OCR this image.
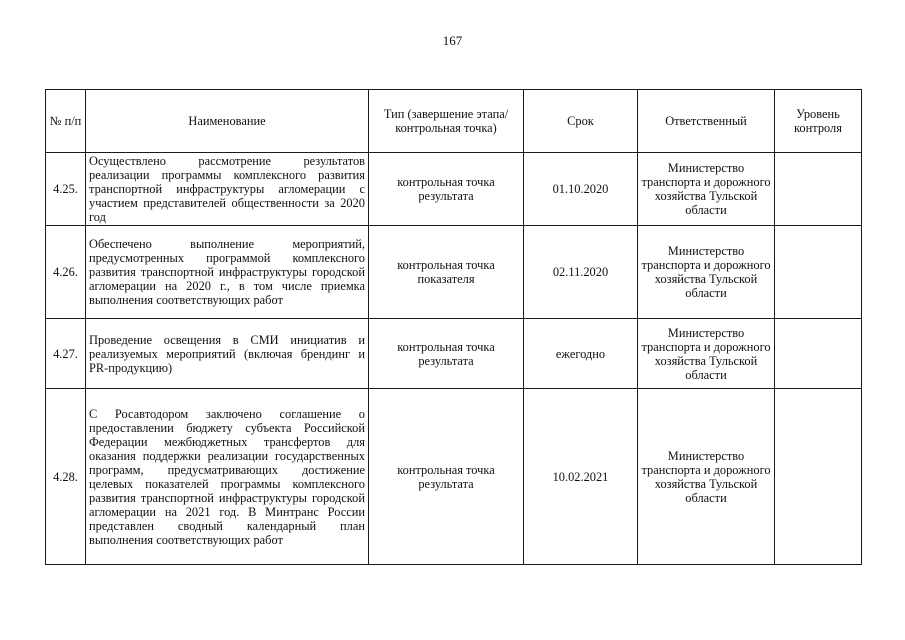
167
№ п/п	Наименование	Тип (завершение этапа/контрольная точка)	Срок	Ответственный	Уровень контроля
4.25.	Осуществлено рассмотрение результатов реализации программы комплексного развития транспортной инфраструктуры агломерации с участием представителей общественности за 2020 год	контрольная точка результата	01.10.2020	Министерство транспорта и дорожного хозяйства Тульской области	
4.26.	Обеспечено выполнение мероприятий, предусмотренных программой комплексного развития транспортной инфраструктуры городской агломерации на 2020 г., в том числе приемка выполнения соответствующих работ	контрольная точка показателя	02.11.2020	Министерство транспорта и дорожного хозяйства Тульской области	
4.27.	Проведение освещения в СМИ инициатив и реализуемых мероприятий (включая брендинг и PR-продукцию)	контрольная точка результата	ежегодно	Министерство транспорта и дорожного хозяйства Тульской области	
4.28.	С Росавтодором заключено соглашение о предоставлении бюджету субъекта Российской Федерации межбюджетных трансфертов для оказания поддержки реализации государственных программ, предусматривающих достижение целевых показателей программы комплексного развития транспортной инфраструктуры городской агломерации на 2021 год. В Минтранс России представлен сводный календарный план выполнения соответствующих работ	контрольная точка результата	10.02.2021	Министерство транспорта и дорожного хозяйства Тульской области	
